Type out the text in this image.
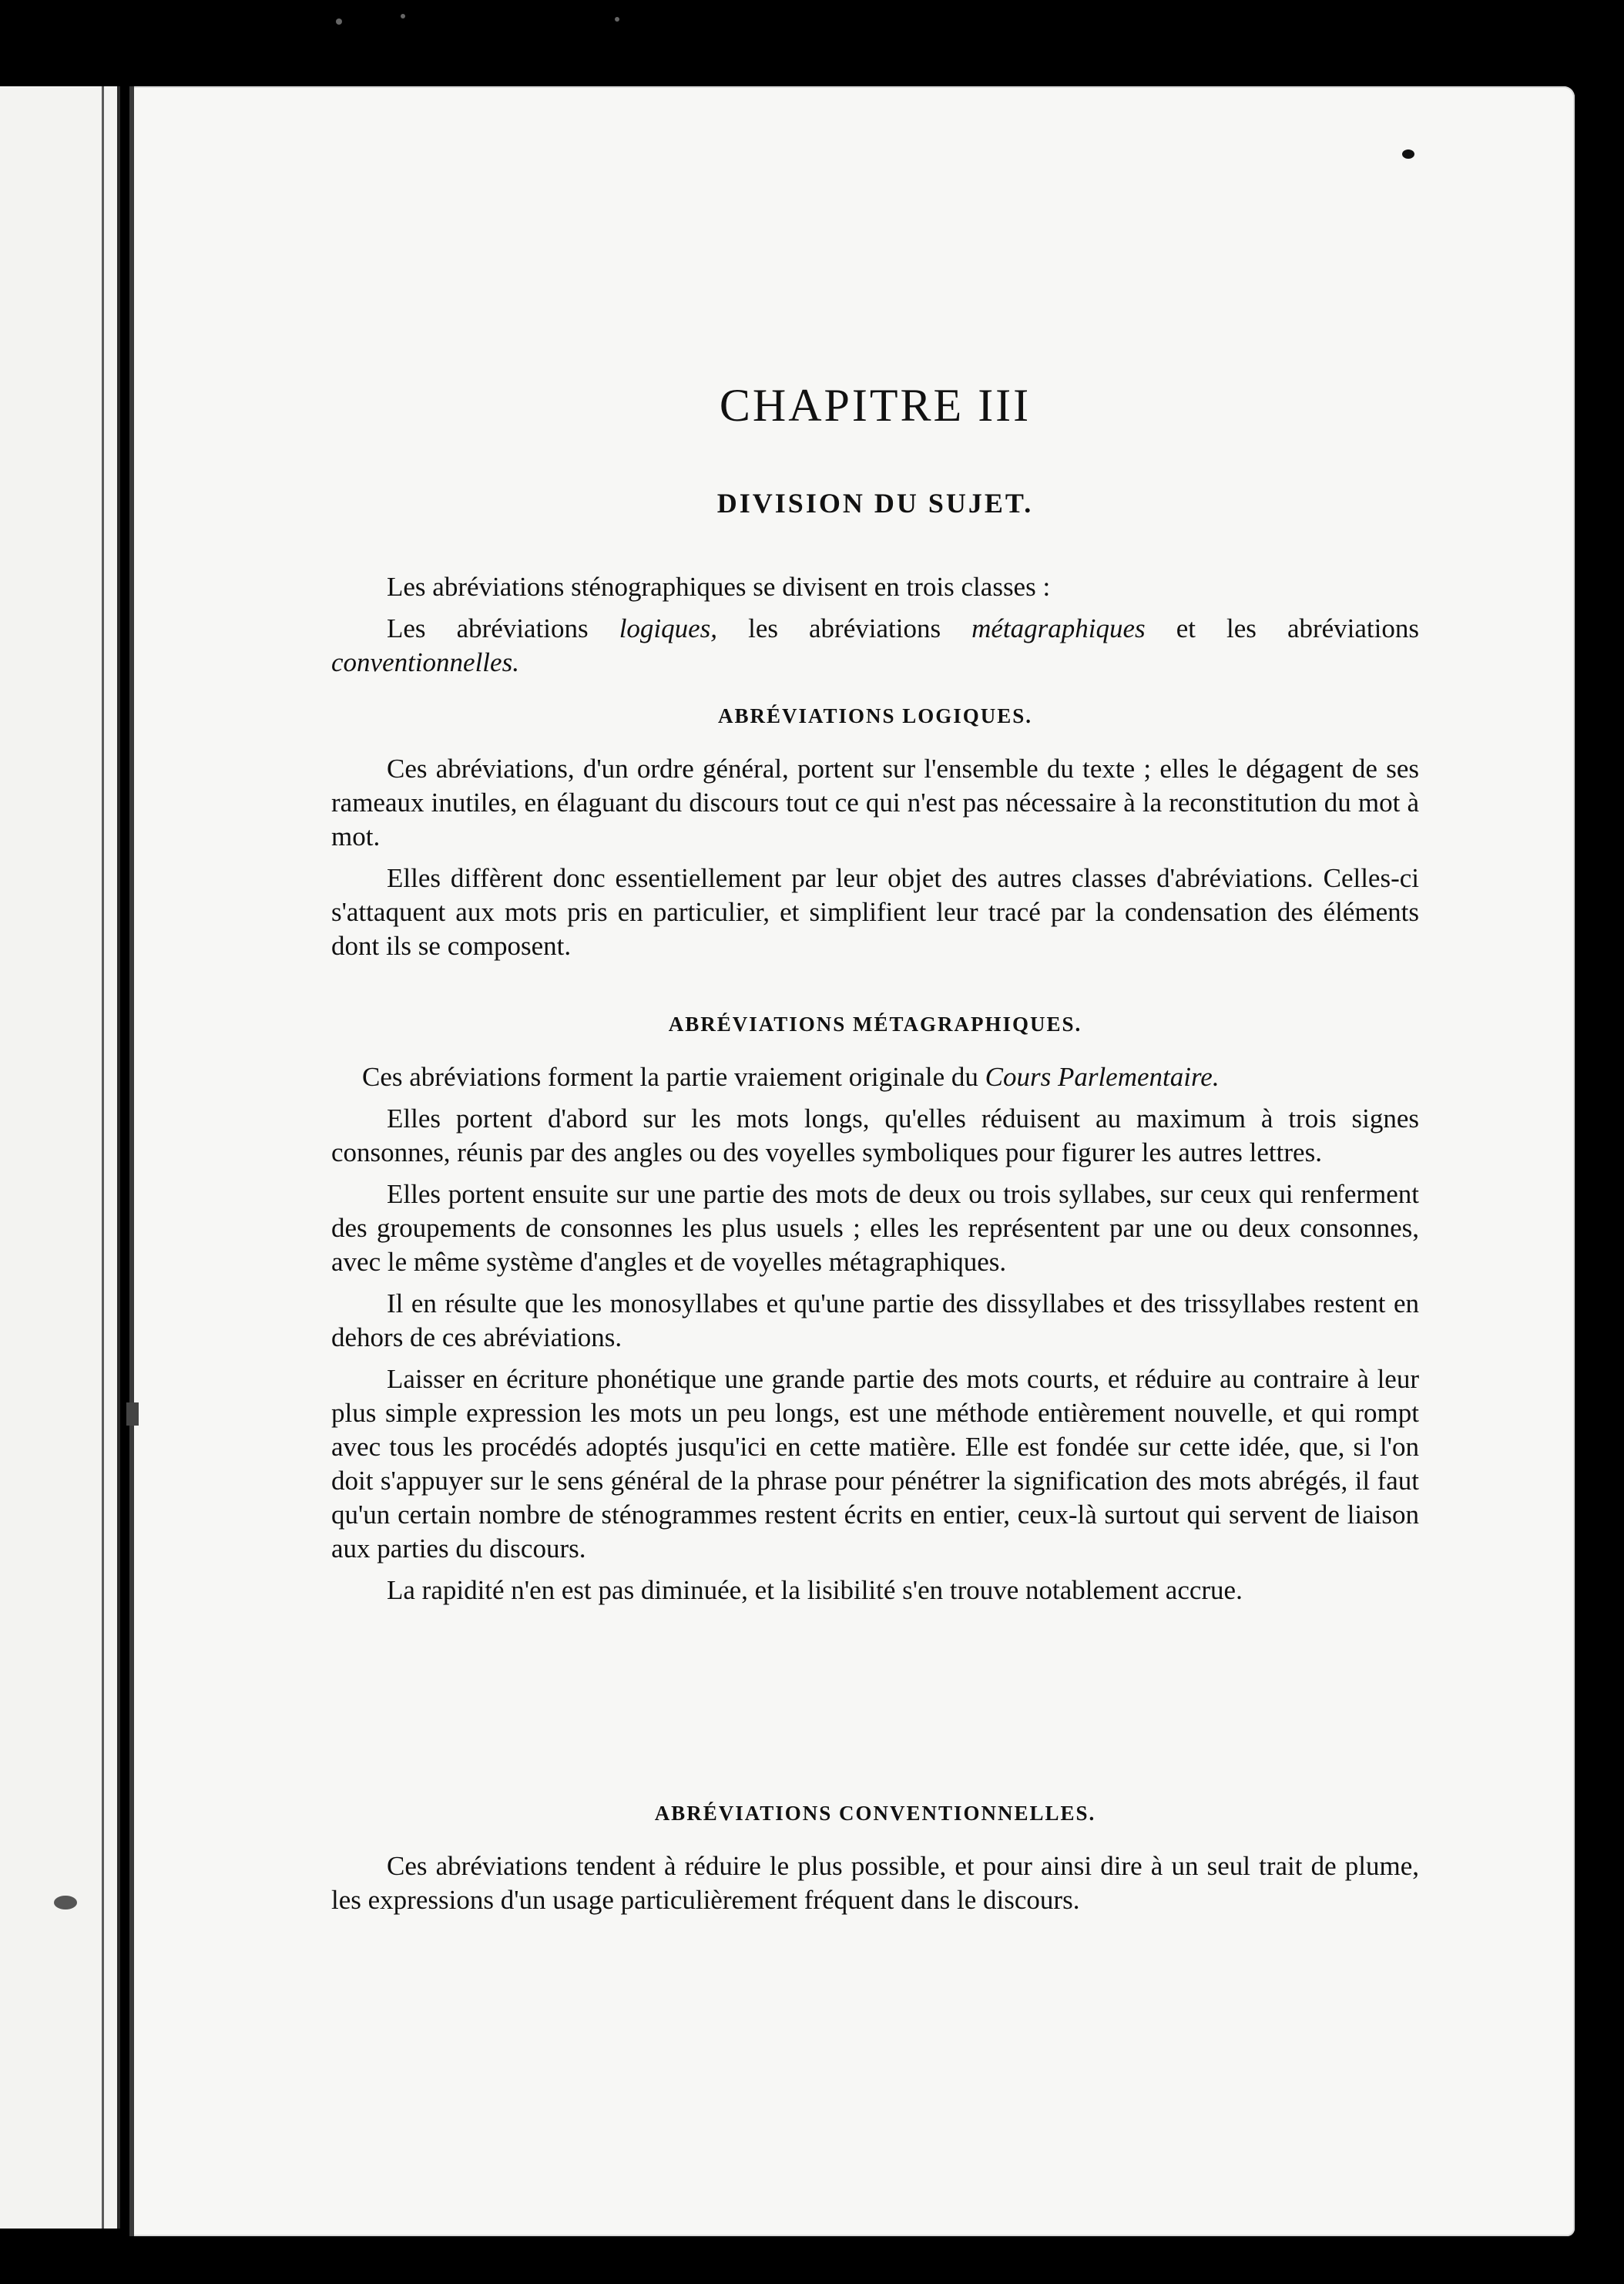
CHAPITRE III
DIVISION DU SUJET.

Les abréviations sténographiques se divisent en trois classes :

Les abréviations logiques, les abréviations métagraphiques et les abréviations conventionnelles.

ABRÉVIATIONS LOGIQUES.

Ces abréviations, d'un ordre général, portent sur l'ensemble du texte ; elles le dégagent de ses rameaux inutiles, en élaguant du discours tout ce qui n'est pas nécessaire à la reconstitution du mot à mot.

Elles diffèrent donc essentiellement par leur objet des autres classes d'abréviations. Celles-ci s'attaquent aux mots pris en particulier, et simplifient leur tracé par la condensation des éléments dont ils se composent.

ABRÉVIATIONS MÉTAGRAPHIQUES.

Ces abréviations forment la partie vraiement originale du Cours Parlementaire.

Elles portent d'abord sur les mots longs, qu'elles réduisent au maximum à trois signes consonnes, réunis par des angles ou des voyelles symboliques pour figurer les autres lettres.

Elles portent ensuite sur une partie des mots de deux ou trois syllabes, sur ceux qui renferment des groupements de consonnes les plus usuels ; elles les représentent par une ou deux consonnes, avec le même système d'angles et de voyelles métagraphiques.

Il en résulte que les monosyllabes et qu'une partie des dissyllabes et des trissyllabes restent en dehors de ces abréviations.

Laisser en écriture phonétique une grande partie des mots courts, et réduire au contraire à leur plus simple expression les mots un peu longs, est une méthode entièrement nouvelle, et qui rompt avec tous les procédés adoptés jusqu'ici en cette matière. Elle est fondée sur cette idée, que, si l'on doit s'appuyer sur le sens général de la phrase pour pénétrer la signification des mots abrégés, il faut qu'un certain nombre de sténogrammes restent écrits en entier, ceux-là surtout qui servent de liaison aux parties du discours.

La rapidité n'en est pas diminuée, et la lisibilité s'en trouve notablement accrue.

ABRÉVIATIONS CONVENTIONNELLES.

Ces abréviations tendent à réduire le plus possible, et pour ainsi dire à un seul trait de plume, les expressions d'un usage particulièrement fréquent dans le discours.
